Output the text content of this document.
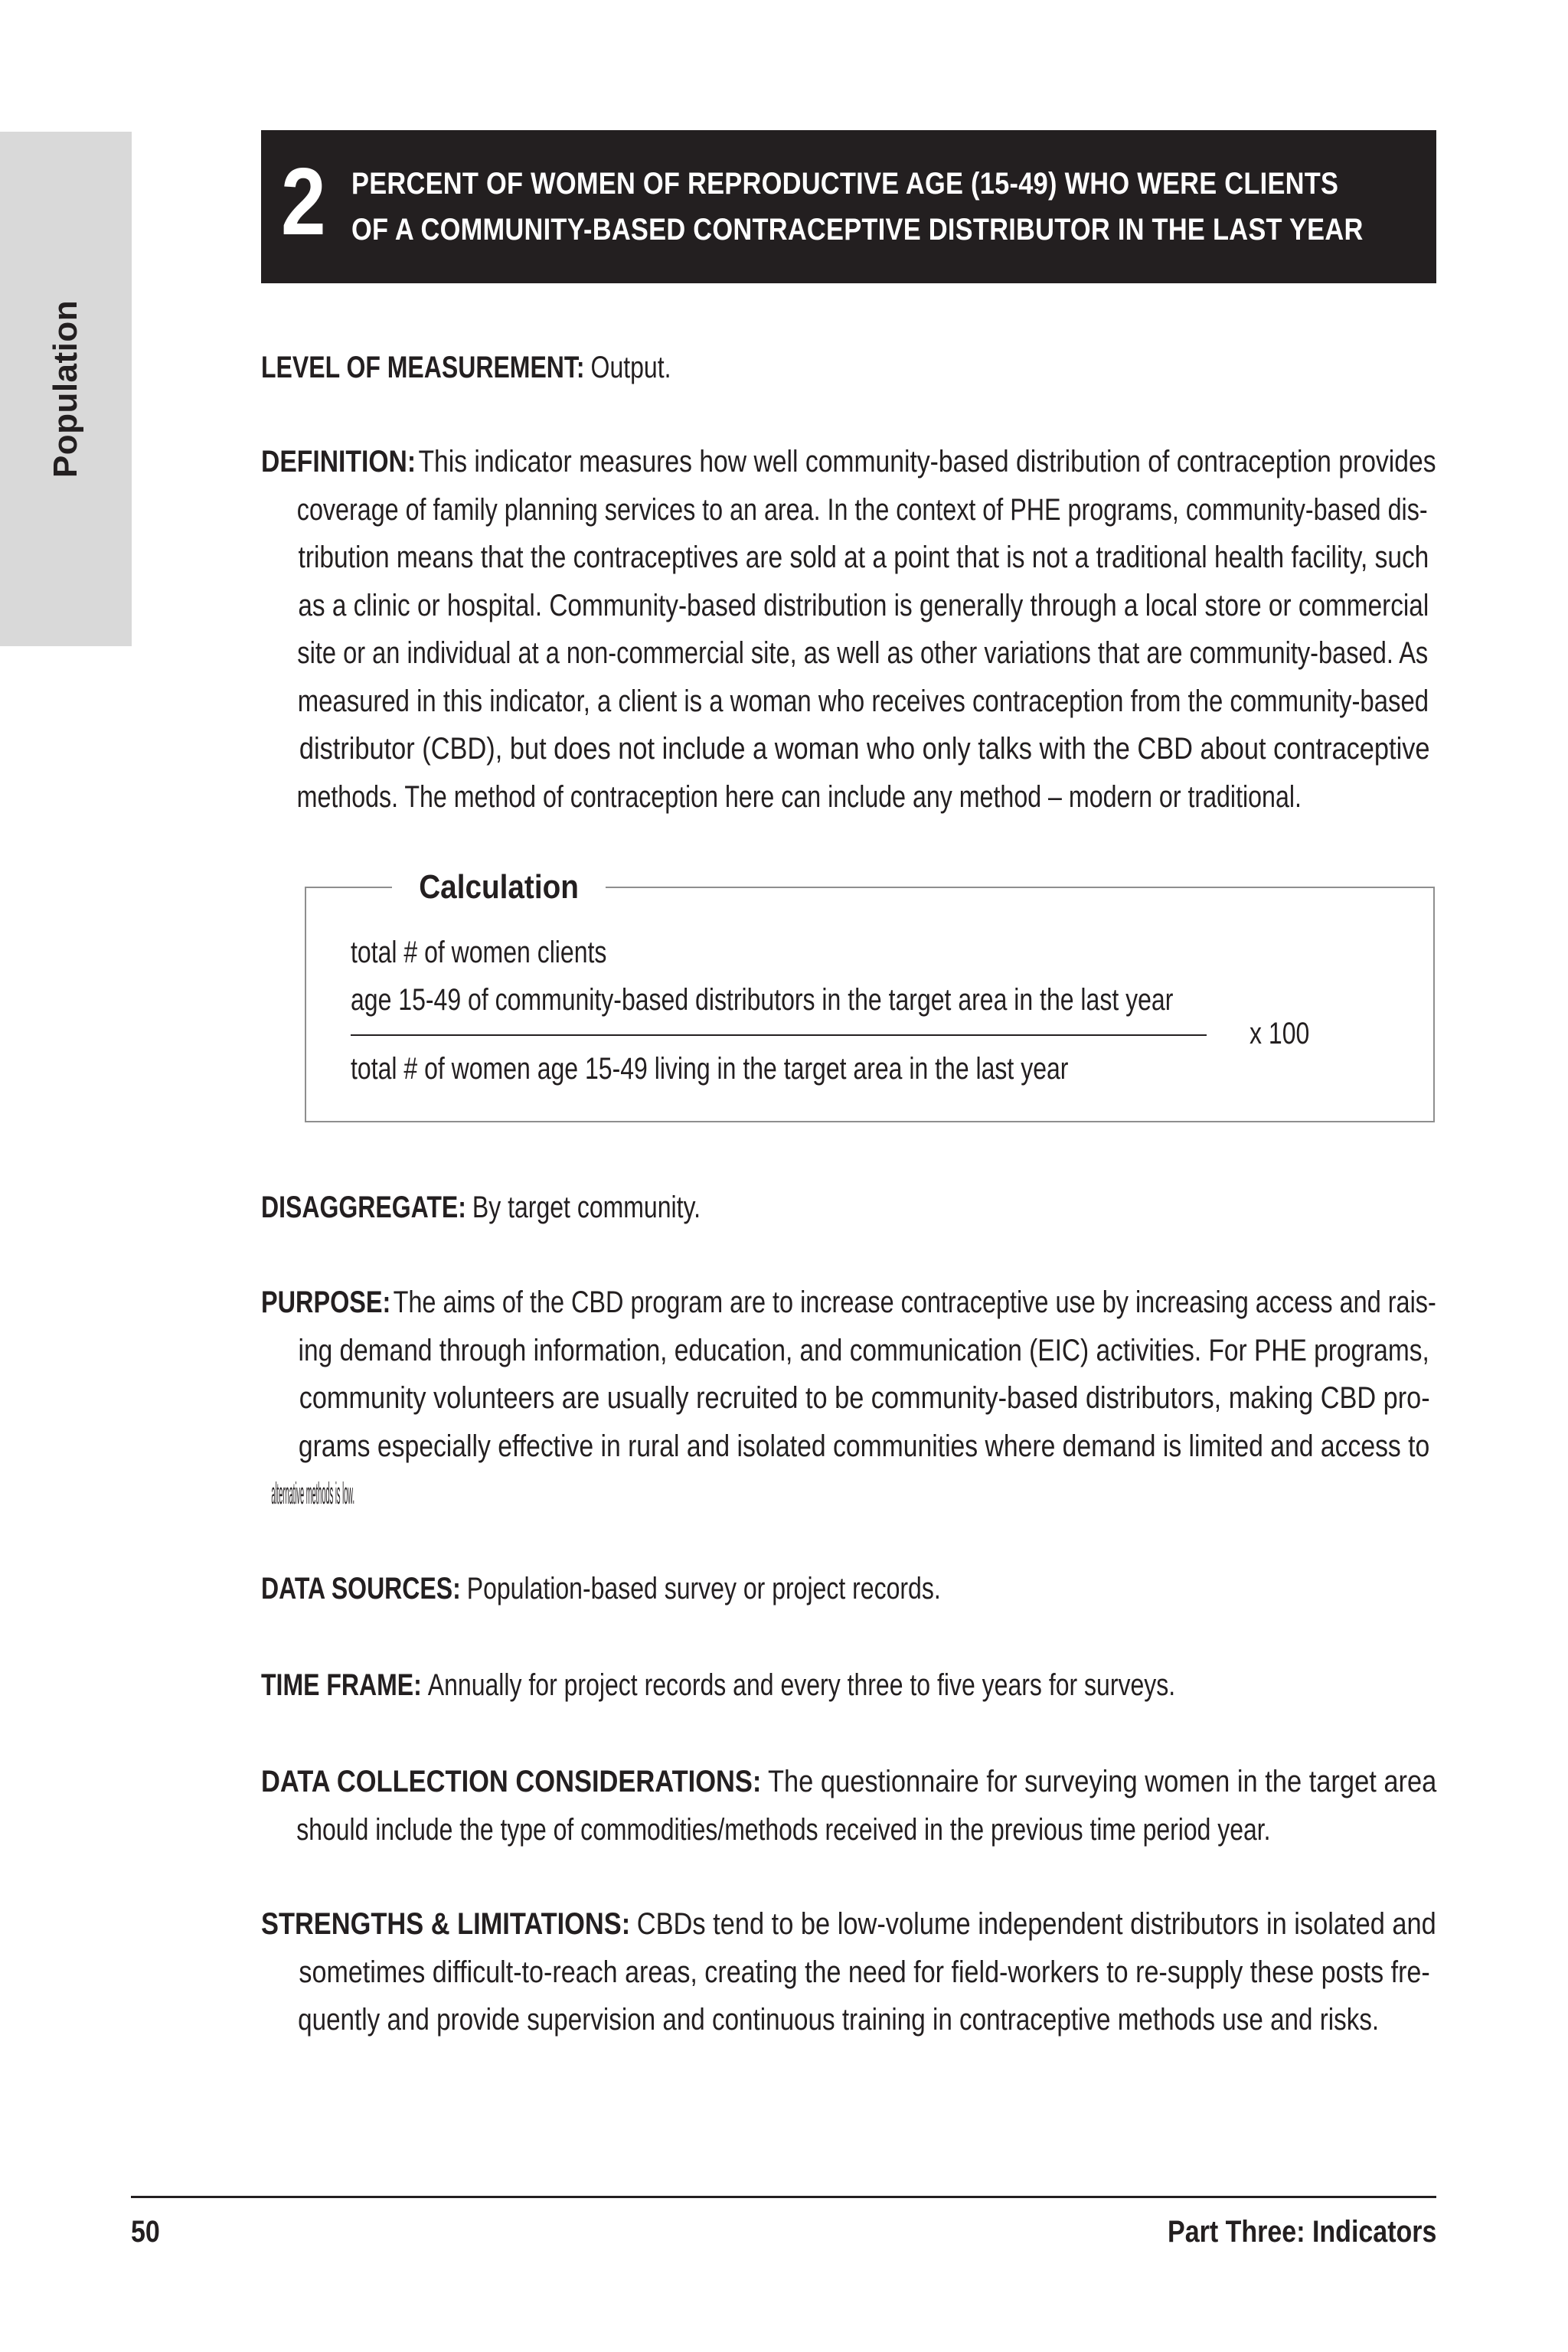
Population
2 PERCENT OF WOMEN OF REPRODUCTIVE AGE (15-49) WHO WERE CLIENTS
OF A COMMUNITY-BASED CONTRACEPTIVE DISTRIBUTOR IN THE LAST YEAR
LEVEL OF MEASUREMENT: Output.
DEFINITION:This indicator measures how well community-based distribution of contraception provides
coverage of family planning services to an area. In the context of PHE programs, community-based dis-
tribution means that the contraceptives are sold at a point that is not a traditional health facility, such
as a clinic or hospital. Community-based distribution is generally through a local store or commercial
site or an individual at a non-commercial site, as well as other variations that are community-based. As
measured in this indicator, a client is a woman who receives contraception from the community-based
distributor (CBD), but does not include a woman who only talks with the CBD about contraceptive
methods. The method of contraception here can include any method – modern or traditional.
Calculation
total # of women clients
age 15-49 of community-based distributors in the target area in the last year
total # of women age 15-49 living in the target area in the last year
x 100
DISAGGREGATE: By target community.
PURPOSE:The aims of the CBD program are to increase contraceptive use by increasing access and rais-
ing demand through information, education, and communication (EIC) activities. For PHE programs,
community volunteers are usually recruited to be community-based distributors, making CBD pro-
grams especially effective in rural and isolated communities where demand is limited and access to
alternative methods is low.
DATA SOURCES: Population-based survey or project records.
TIME FRAME: Annually for project records and every three to five years for surveys.
DATA COLLECTION CONSIDERATIONS: The questionnaire for surveying women in the target area
should include the type of commodities/methods received in the previous time period year.
STRENGTHS & LIMITATIONS: CBDs tend to be low-volume independent distributors in isolated and
sometimes difficult-to-reach areas, creating the need for field-workers to re-supply these posts fre-
quently and provide supervision and continuous training in contraceptive methods use and risks.
50	Part Three: Indicators
